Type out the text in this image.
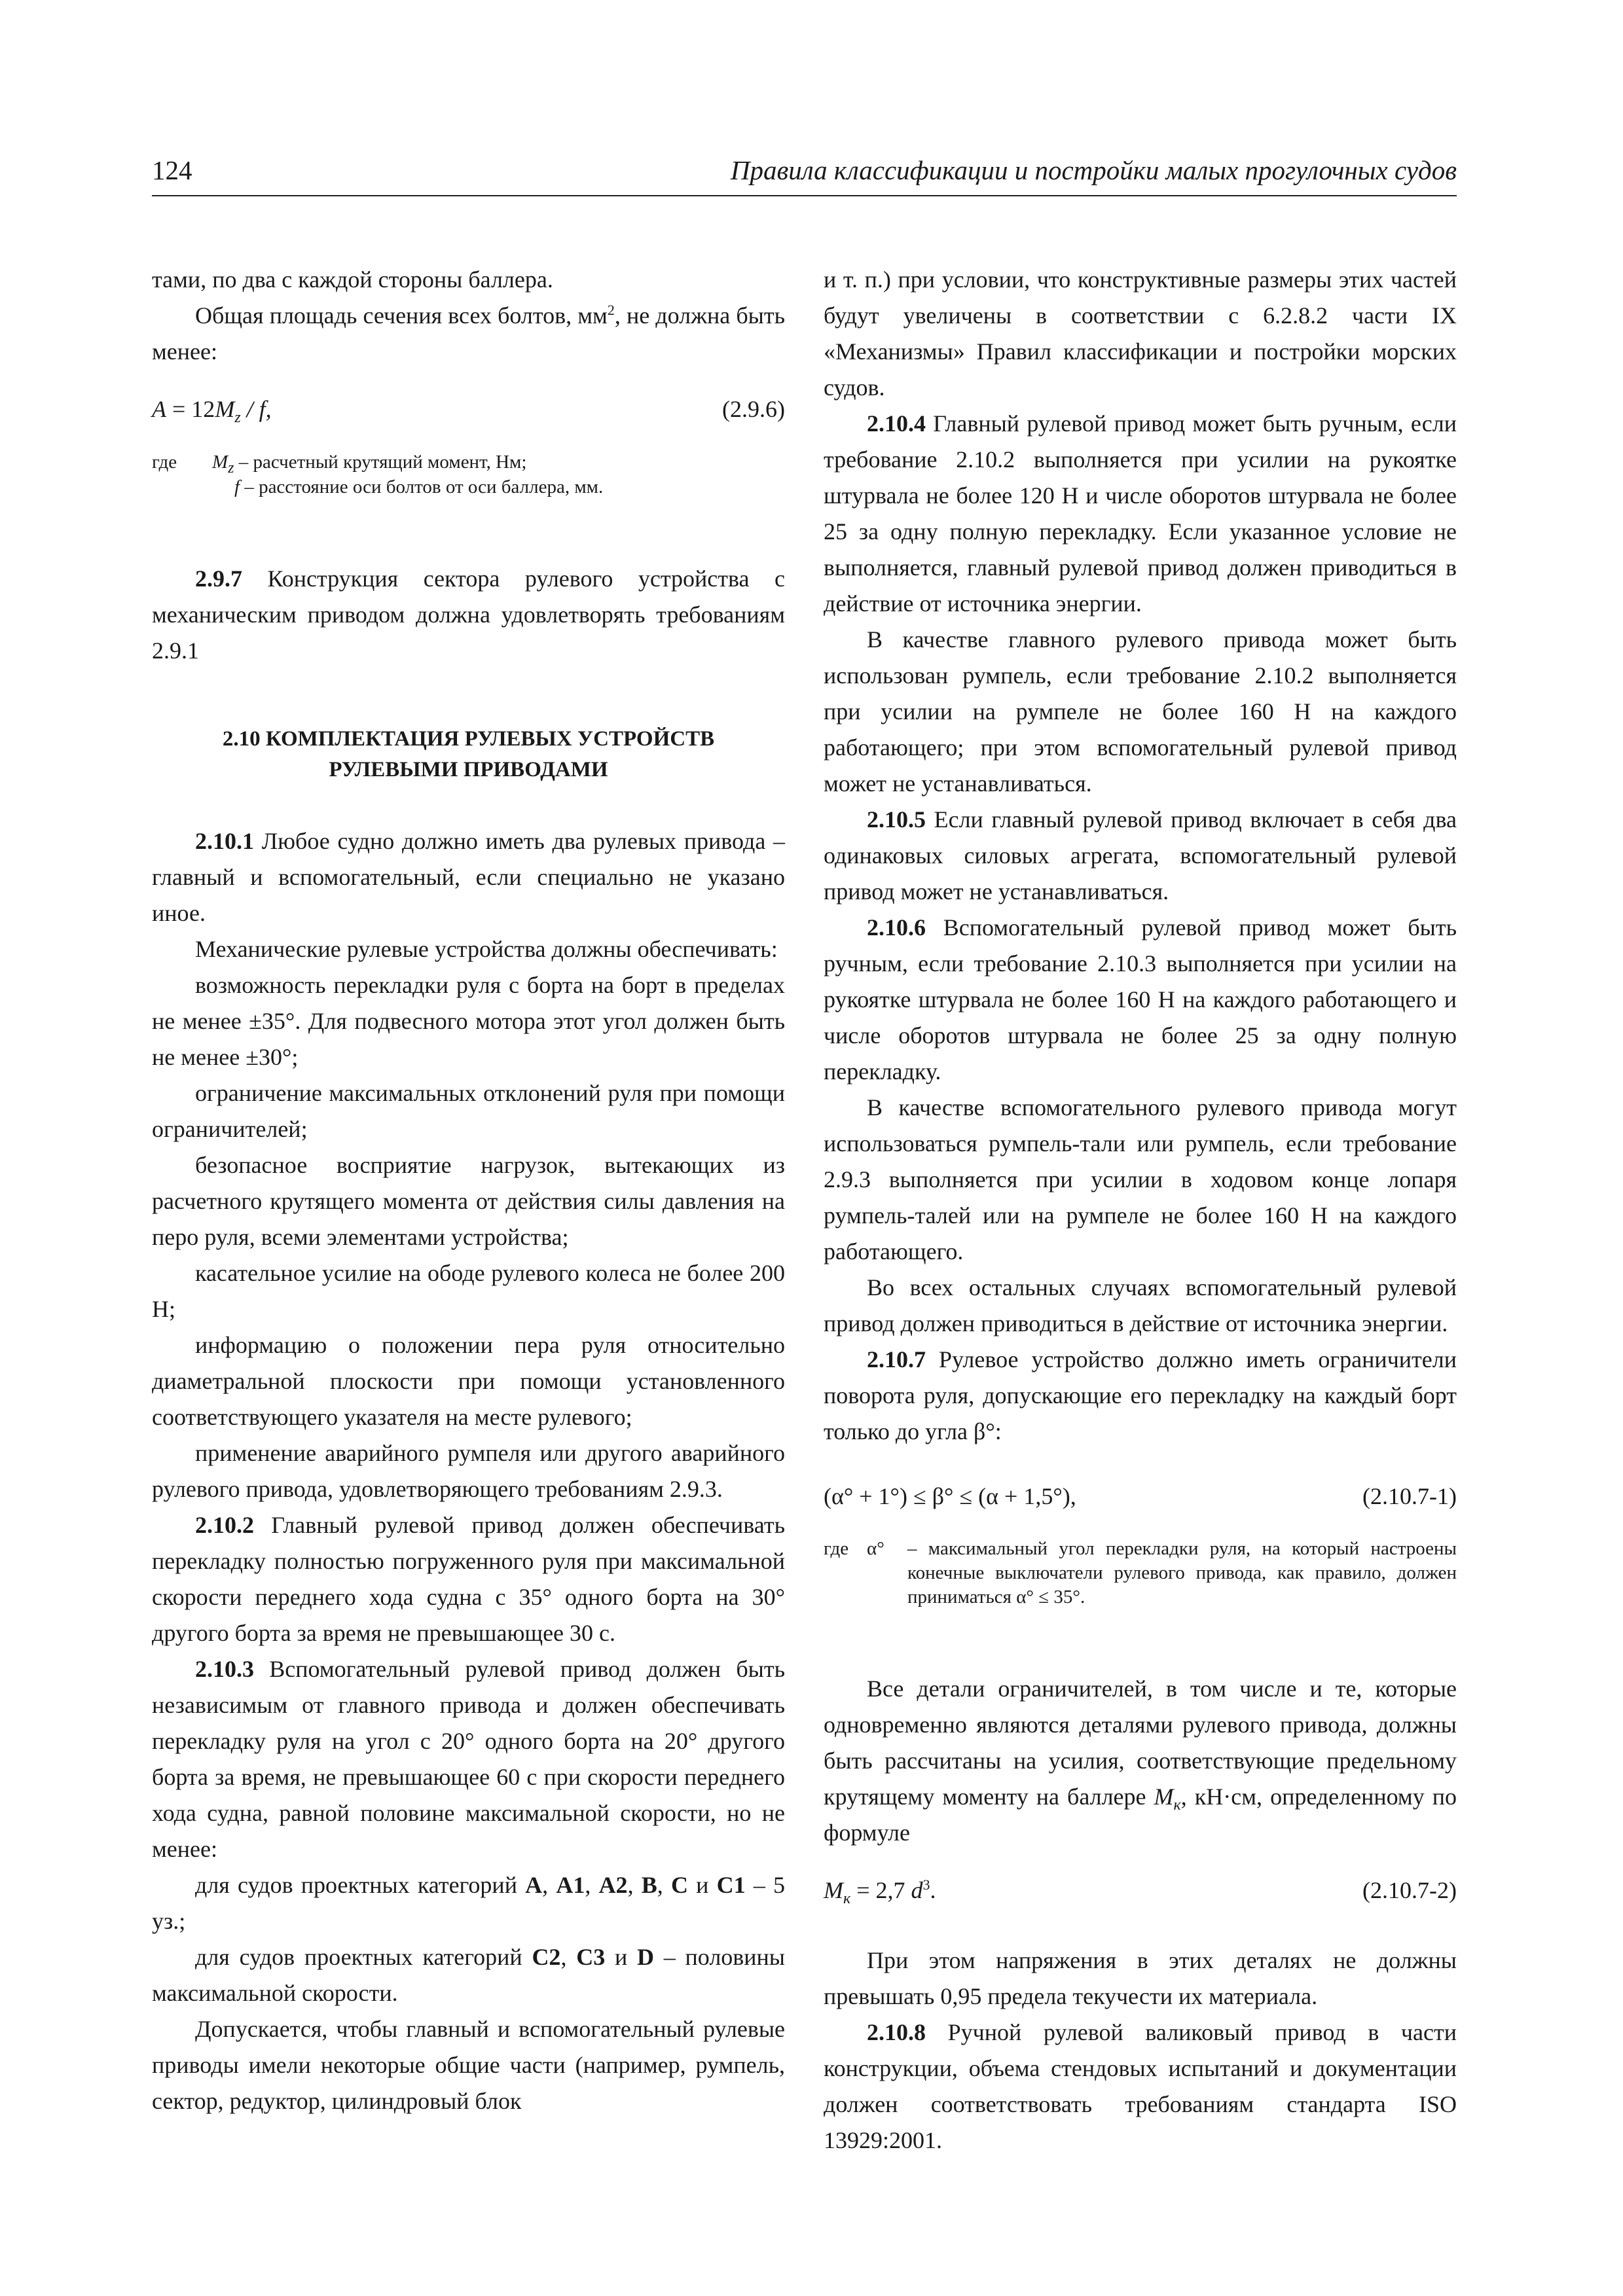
124	Правила классификации и постройки малых прогулочных судов

тами, по два с каждой стороны баллера.

Общая площадь сечения всех болтов, $мм^2$, не должна быть менее:

$A = 12M_z / f$,	(2.9.6)
где	$M_z$ – расчетный крутящий момент, Нм;
f – расстояние оси болтов от оси баллера, мм.

2.9.7 Конструкция сектора рулевого устройства с механическим приводом должна удовлетворять требованиям 2.9.1

2.10 КОМПЛЕКТАЦИЯ РУЛЕВЫХ УСТРОЙСТВ
РУЛЕВЫМИ ПРИВОДАМИ

2.10.1 Любое судно должно иметь два рулевых привода – главный и вспомогательный, если специально не указано иное.

Механические рулевые устройства должны обеспечивать:

возможность перекладки руля с борта на борт в пределах не менее ±35°. Для подвесного мотора этот угол должен быть не менее ±30°;

ограничение максимальных отклонений руля при помощи ограничителей;

безопасное восприятие нагрузок, вытекающих из расчетного крутящего момента от действия силы давления на перо руля, всеми элементами устройства;

касательное усилие на ободе рулевого колеса не более 200 Н;

информацию о положении пера руля относительно диаметральной плоскости при помощи установленного соответствующего указателя на месте рулевого;

применение аварийного румпеля или другого аварийного рулевого привода, удовлетворяющего требованиям 2.9.3.

2.10.2 Главный рулевой привод должен обеспечивать перекладку полностью погруженного руля при максимальной скорости переднего хода судна с 35° одного борта на 30° другого борта за время не превышающее 30 с.

2.10.3 Вспомогательный рулевой привод должен быть независимым от главного привода и должен обеспечивать перекладку руля на угол с 20° одного борта на 20° другого борта за время, не превышающее 60 с при скорости переднего хода судна, равной половине максимальной скорости, но не менее:

для судов проектных категорий A, A1, A2, B, C и C1 – 5 уз.;

для судов проектных категорий C2, C3 и D – половины максимальной скорости.

Допускается, чтобы главный и вспомогательный рулевые приводы имели некоторые общие части (например, румпель, сектор, редуктор, цилиндровый блок

и т. п.) при условии, что конструктивные размеры этих частей будут увеличены в соответствии с 6.2.8.2 части IX «Механизмы» Правил классификации и постройки морских судов.

2.10.4 Главный рулевой привод может быть ручным, если требование 2.10.2 выполняется при усилии на рукоятке штурвала не более 120 Н и числе оборотов штурвала не более 25 за одну полную перекладку. Если указанное условие не выполняется, главный рулевой привод должен приводиться в действие от источника энергии.

В качестве главного рулевого привода может быть использован румпель, если требование 2.10.2 выполняется при усилии на румпеле не более 160 Н на каждого работающего; при этом вспомогательный рулевой привод может не устанавливаться.

2.10.5 Если главный рулевой привод включает в себя два одинаковых силовых агрегата, вспомогательный рулевой привод может не устанавливаться.

2.10.6 Вспомогательный рулевой привод может быть ручным, если требование 2.10.3 выполняется при усилии на рукоятке штурвала не более 160 Н на каждого работающего и числе оборотов штурвала не более 25 за одну полную перекладку.

В качестве вспомогательного рулевого привода могут использоваться румпель-тали или румпель, если требование 2.9.3 выполняется при усилии в ходовом конце лопаря румпель-талей или на румпеле не более 160 Н на каждого работающего.

Во всех остальных случаях вспомогательный рулевой привод должен приводиться в действие от источника энергии.

2.10.7 Рулевое устройство должно иметь ограничители поворота руля, допускающие его перекладку на каждый борт только до угла β°:

(α° + 1°) ≤ β° ≤ (α + 1,5°),	(2.10.7-1)
где α°	– максимальный угол перекладки руля, на который настроены конечные выключатели рулевого привода, как правило, должен приниматься α° ≤ 35°.

Все детали ограничителей, в том числе и те, которые одновременно являются деталями рулевого привода, должны быть рассчитаны на усилия, соответствующие предельному крутящему моменту на баллере $M_к$, кН·см, определенному по формуле

$M_к = 2,7$ $d^3$.	(2.10.7-2)

При этом напряжения в этих деталях не должны превышать 0,95 предела текучести их материала.

2.10.8 Ручной рулевой валиковый привод в части конструкции, объема стендовых испытаний и документации должен соответствовать требованиям стандарта ISO 13929:2001.
